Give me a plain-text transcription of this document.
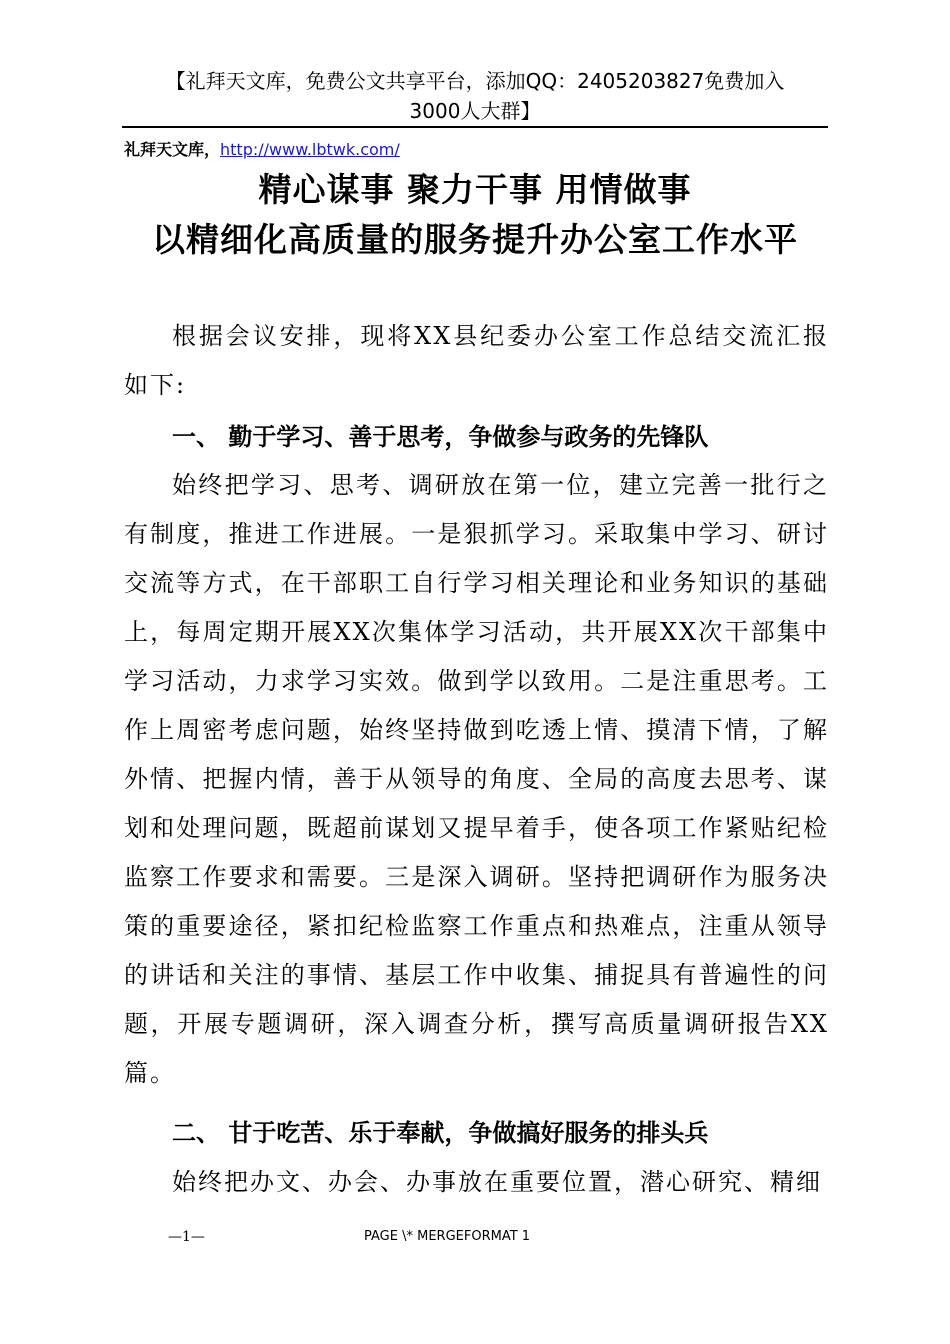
【礼拜天文库，免费公文共享平台，添加QQ：2405203827免费加入
3000人大群】
礼拜天文库，http://www.lbtwk.com/
精心谋事 聚力干事 用情做事
以精细化高质量的服务提升办公室工作水平

根据会议安排，现将XX县纪委办公室工作总结交流汇报如下:

一、 勤于学习、善于思考，争做参与政务的先锋队

始终把学习、思考、调研放在第一位，建立完善一批行之有制度，推进工作进展。一是狠抓学习。采取集中学习、研讨交流等方式，在干部职工自行学习相关理论和业务知识的基础上，每周定期开展XX次集体学习活动，共开展XX次干部集中学习活动，力求学习实效。做到学以致用。二是注重思考。工作上周密考虑问题，始终坚持做到吃透上情、摸清下情，了解外情、把握内情，善于从领导的角度、全局的高度去思考、谋划和处理问题，既超前谋划又提早着手，使各项工作紧贴纪检监察工作要求和需要。三是深入调研。坚持把调研作为服务决策的重要途径，紧扣纪检监察工作重点和热难点，注重从领导的讲话和关注的事情、基层工作中收集、捕捉具有普遍性的问题，开展专题调研，深入调查分析，撰写高质量调研报告XX篇。

二、 甘于吃苦、乐于奉献，争做搞好服务的排头兵

始终把办文、办会、办事放在重要位置，潜心研究、精细

—1—	PAGE \* MERGEFORMAT 1
